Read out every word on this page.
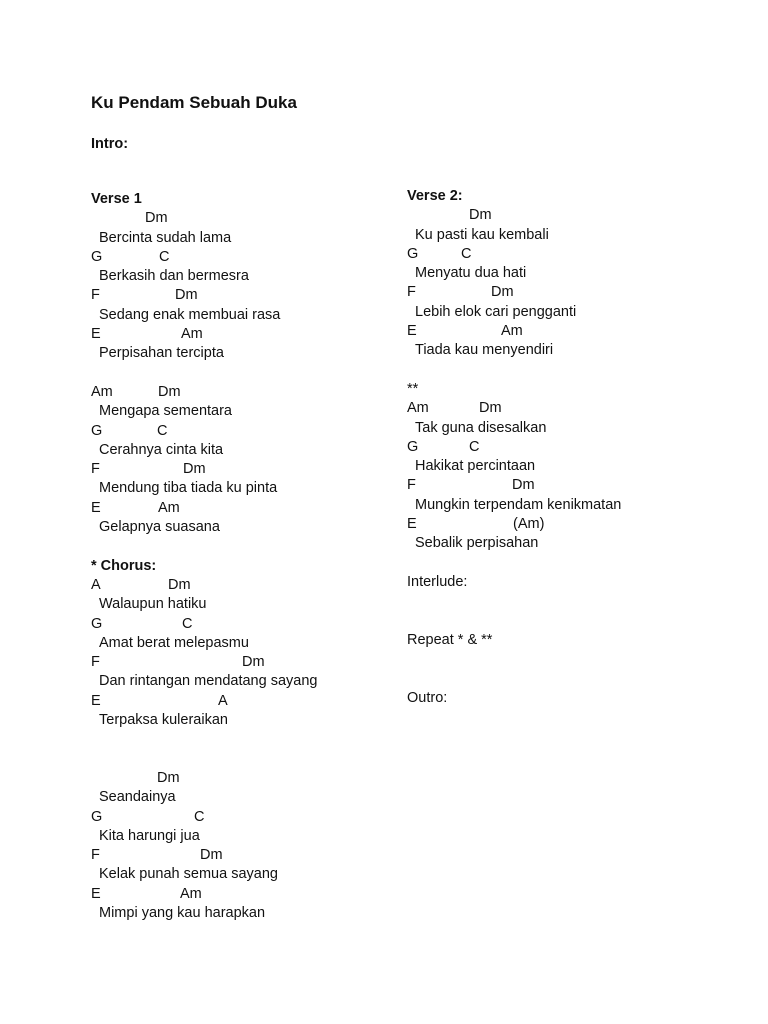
Ku Pendam Sebuah Duka
Intro:
Verse 1
Dm
Bercinta sudah lama
G	C
Berkasih dan bermesra
F	Dm
Sedang enak membuai rasa
E	Am
Perpisahan tercipta
Am	Dm
Mengapa sementara
G	C
Cerahnya cinta kita
F	Dm
Mendung tiba tiada ku pinta
E	Am
Gelapnya suasana
* Chorus:
A	Dm
Walaupun hatiku
G	C
Amat berat melepasmu
F	Dm
Dan rintangan mendatang sayang
E	A
Terpaksa kuleraikan
Dm
Seandainya
G	C
Kita harungi jua
F	Dm
Kelak punah semua sayang
E	Am
Mimpi yang kau harapkan
Verse 2:
Dm
Ku pasti kau kembali
G	C
Menyatu dua hati
F	Dm
Lebih elok cari pengganti
E	Am
Tiada kau menyendiri
**
Am	Dm
Tak guna disesalkan
G	C
Hakikat percintaan
F	Dm
Mungkin terpendam kenikmatan
E	(Am)
Sebalik perpisahan
Interlude:
Repeat * & **
Outro:
